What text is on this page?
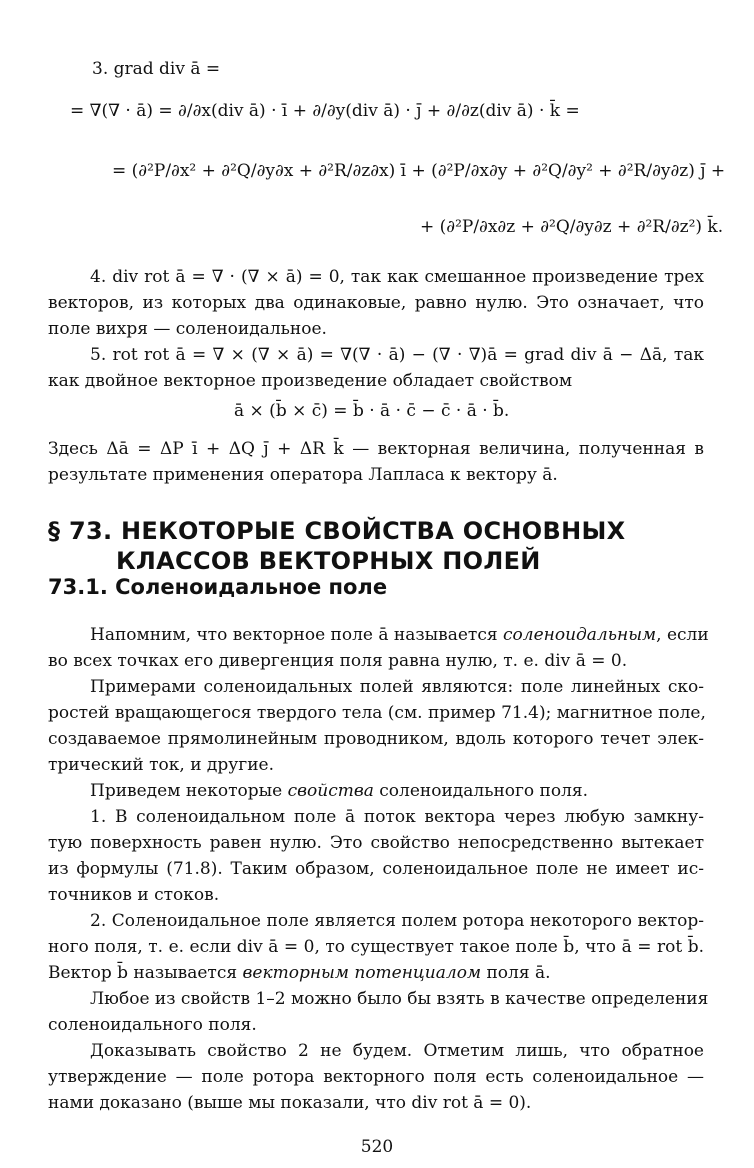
3. grad div ā =
= ∇(∇ · ā) = ∂/∂x(div ā) · ī + ∂/∂y(div ā) · j̄ + ∂/∂z(div ā) · k̄ =
= (∂²P/∂x² + ∂²Q/∂y∂x + ∂²R/∂z∂x) ī + (∂²P/∂x∂y + ∂²Q/∂y² + ∂²R/∂y∂z) j̄ +
+ (∂²P/∂x∂z + ∂²Q/∂y∂z + ∂²R/∂z²) k̄.
4. div rot ā = ∇ · (∇ × ā) = 0, так как смешанное произведение трех
векторов, из которых два одинаковые, равно нулю. Это означает, что
поле вихря — соленоидальное.
5. rot rot ā = ∇ × (∇ × ā) = ∇(∇ · ā) − (∇ · ∇)ā = grad div ā − Δā, так
как двойное векторное произведение обладает свойством
ā × (b̄ × c̄) = b̄ · ā · c̄ − c̄ · ā · b̄.
Здесь Δā = ΔP ī + ΔQ j̄ + ΔR k̄ — векторная величина, полученная в
результате применения оператора Лапласа к вектору ā.
§ 73. НЕКОТОРЫЕ СВОЙСТВА ОСНОВНЫХ
КЛАССОВ ВЕКТОРНЫХ ПОЛЕЙ
73.1. Соленоидальное поле
Напомним, что векторное поле ā называется соленоидальным, если
во всех точках его дивергенция поля равна нулю, т. е. div ā = 0.
Примерами соленоидальных полей являются: поле линейных ско-
ростей вращающегося твердого тела (см. пример 71.4); магнитное поле,
создаваемое прямолинейным проводником, вдоль которого течет элек-
трический ток, и другие.
Приведем некоторые свойства соленоидального поля.
1. В соленоидальном поле ā поток вектора через любую замкну-
тую поверхность равен нулю. Это свойство непосредственно вытекает
из формулы (71.8). Таким образом, соленоидальное поле не имеет ис-
точников и стоков.
2. Соленоидальное поле является полем ротора некоторого вектор-
ного поля, т. е. если div ā = 0, то существует такое поле b̄, что ā = rot b̄.
Вектор b̄ называется векторным потенциалом поля ā.
Любое из свойств 1–2 можно было бы взять в качестве определения
соленоидального поля.
Доказывать свойство 2 не будем. Отметим лишь, что обратное
утверждение — поле ротора векторного поля есть соленоидальное —
нами доказано (выше мы показали, что div rot ā = 0).
520
